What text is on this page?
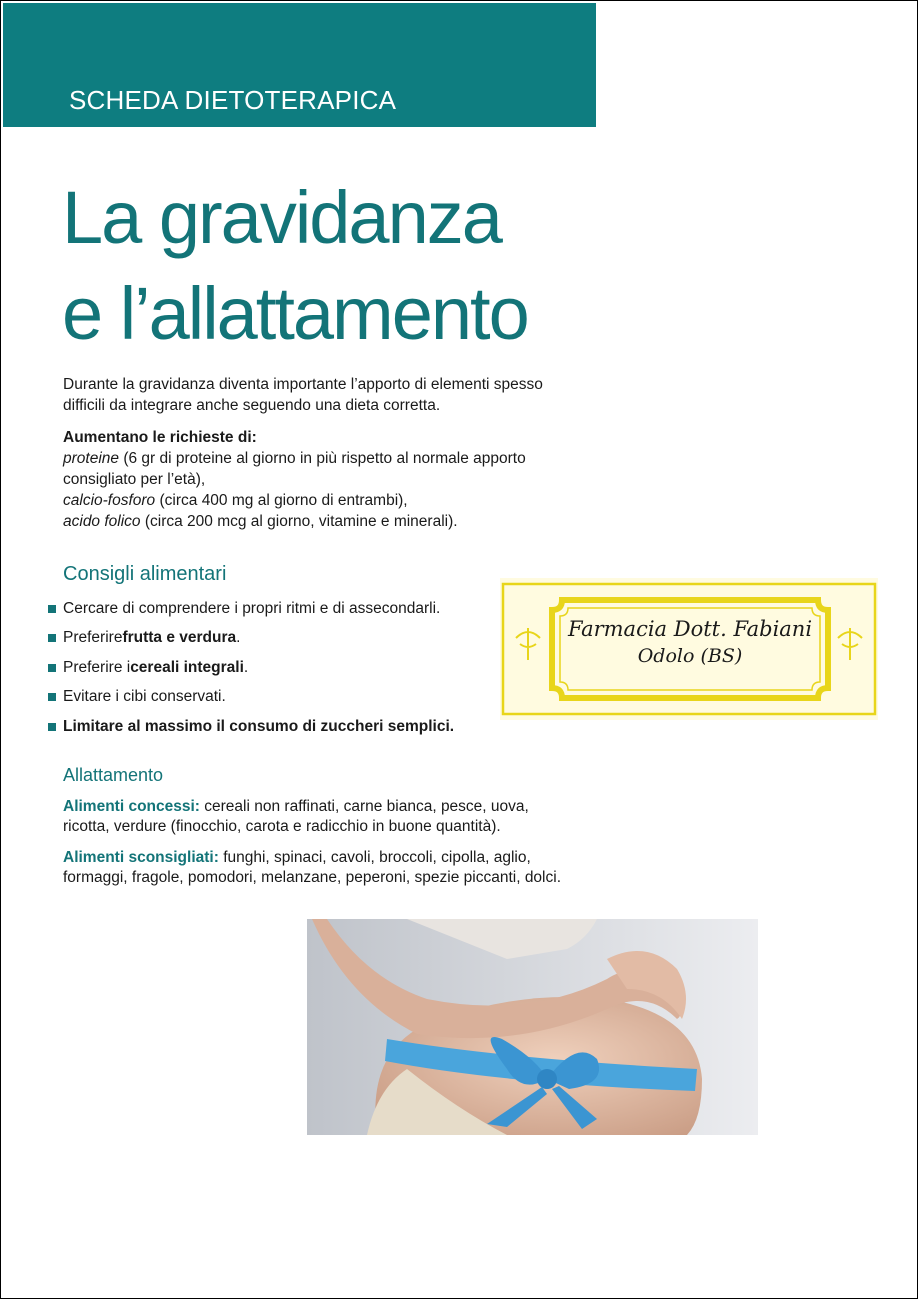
SCHEDA DIETOTERAPICA
La gravidanza
e l’allattamento
Durante la gravidanza diventa importante l’apporto di elementi spesso difficili da integrare anche seguendo una dieta corretta.
Aumentano le richieste di:
proteine (6 gr di proteine al giorno in più rispetto al normale apporto consigliato per l’età),
calcio-fosforo (circa 400 mg al giorno di entrambi),
acido folico (circa 200 mcg al giorno, vitamine e minerali).
Consigli alimentari
Cercare di comprendere i propri ritmi e di assecondarli.
Preferire frutta e verdura .
Preferire i cereali integrali .
Evitare i cibi conservati.
Limitare al massimo il consumo di zuccheri semplici.
Allattamento
Alimenti concessi: cereali non raffinati, carne bianca, pesce, uova, ricotta, verdure (finocchio, carota e radicchio in buone quantità).
Alimenti sconsigliati: funghi, spinaci, cavoli, broccoli, cipolla, aglio, formaggi, fragole, pomodori, melanzane, peperoni, spezie piccanti, dolci.
Farmacia Dott. Fabiani
Odolo (BS)
